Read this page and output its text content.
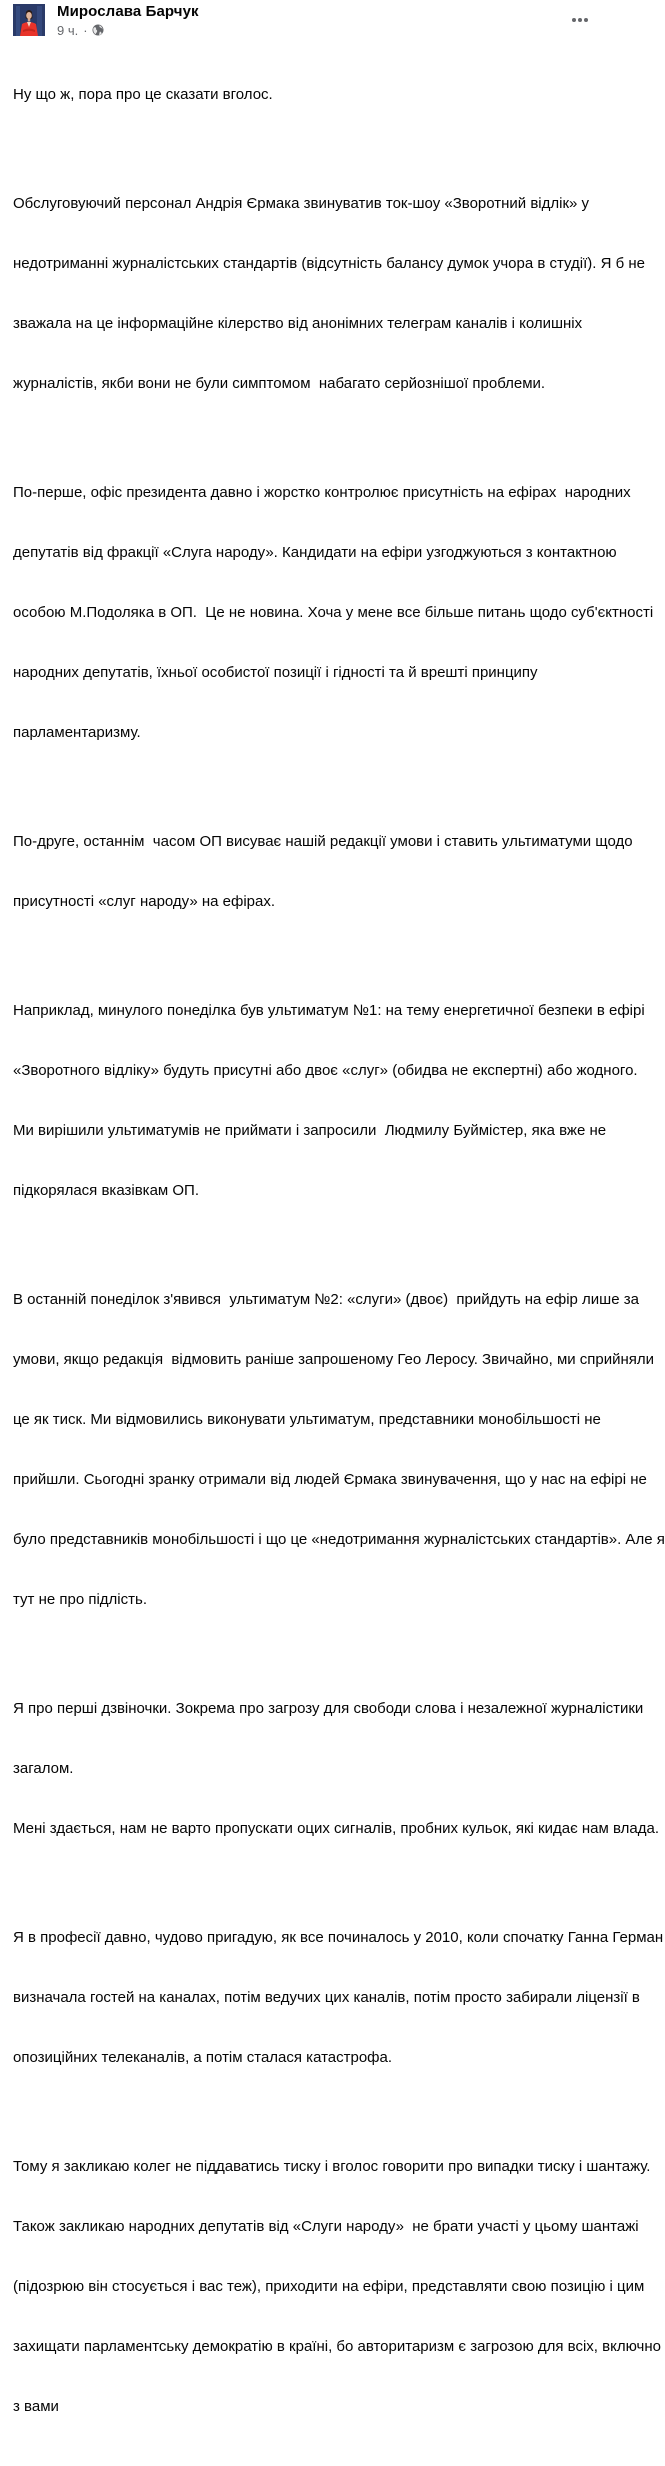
Мирослава Барчук
9 ч. ·

Ну що ж, пора про це сказати вголос.

Обслуговуючий персонал Андрія Єрмака звинуватив ток-шоу «Зворотний відлік» у

недотриманні журналістських стандартів (відсутність балансу думок учора в студії). Я б не

зважала на це інформаційне кілерство від анонімних телеграм каналів і колишніх

журналістів, якби вони не були симптомом  набагато серйознішої проблеми.

По-перше, офіс президента давно і жорстко контролює присутність на ефірах  народних

депутатів від фракції «Слуга народу». Кандидати на ефіри узгоджуються з контактною

особою М.Подоляка в ОП.  Це не новина. Хоча у мене все більше питань щодо суб'єктності

народних депутатів, їхньої особистої позиції і гідності та й врешті принципу

парламентаризму.

По-друге, останнім  часом ОП висуває нашій редакції умови і ставить ультиматуми щодо

присутності «слуг народу» на ефірах.

Наприклад, минулого понеділка був ультиматум №1: на тему енергетичної безпеки в ефірі

«Зворотного відліку» будуть присутні або двоє «слуг» (обидва не експертні) або жодного.

Ми вирішили ультиматумів не приймати і запросили  Людмилу Буймістер, яка вже не

підкорялася вказівкам ОП.

В останній понеділок з'явився  ультиматум №2: «слуги» (двоє)  прийдуть на ефір лише за

умови, якщо редакція  відмовить раніше запрошеному Гео Леросу. Звичайно, ми сприйняли

це як тиск. Ми відмовились виконувати ультиматум, представники монобільшості не

прийшли. Сьогодні зранку отримали від людей Єрмака звинувачення, що у нас на ефірі не

було представників монобільшості і що це «недотримання журналістських стандартів». Але я

тут не про підлість.

Я про перші дзвіночки. Зокрема про загрозу для свободи слова і незалежної журналістики

загалом.

Мені здається, нам не варто пропускати оцих сигналів, пробних кульок, які кидає нам влада.

Я в професії давно, чудово пригадую, як все починалось у 2010, коли спочатку Ганна Герман

визначала гостей на каналах, потім ведучих цих каналів, потім просто забирали ліцензії в

опозиційних телеканалів, а потім сталася катастрофа.

Тому я закликаю колег не піддаватись тиску і вголос говорити про випадки тиску і шантажу.

Також закликаю народних депутатів від «Слуги народу»  не брати участі у цьому шантажі

(підозрюю він стосується і вас теж), приходити на ефіри, представляти свою позицію і цим

захищати парламентську демократію в країні, бо авторитаризм є загрозою для всіх, включно

з вами
